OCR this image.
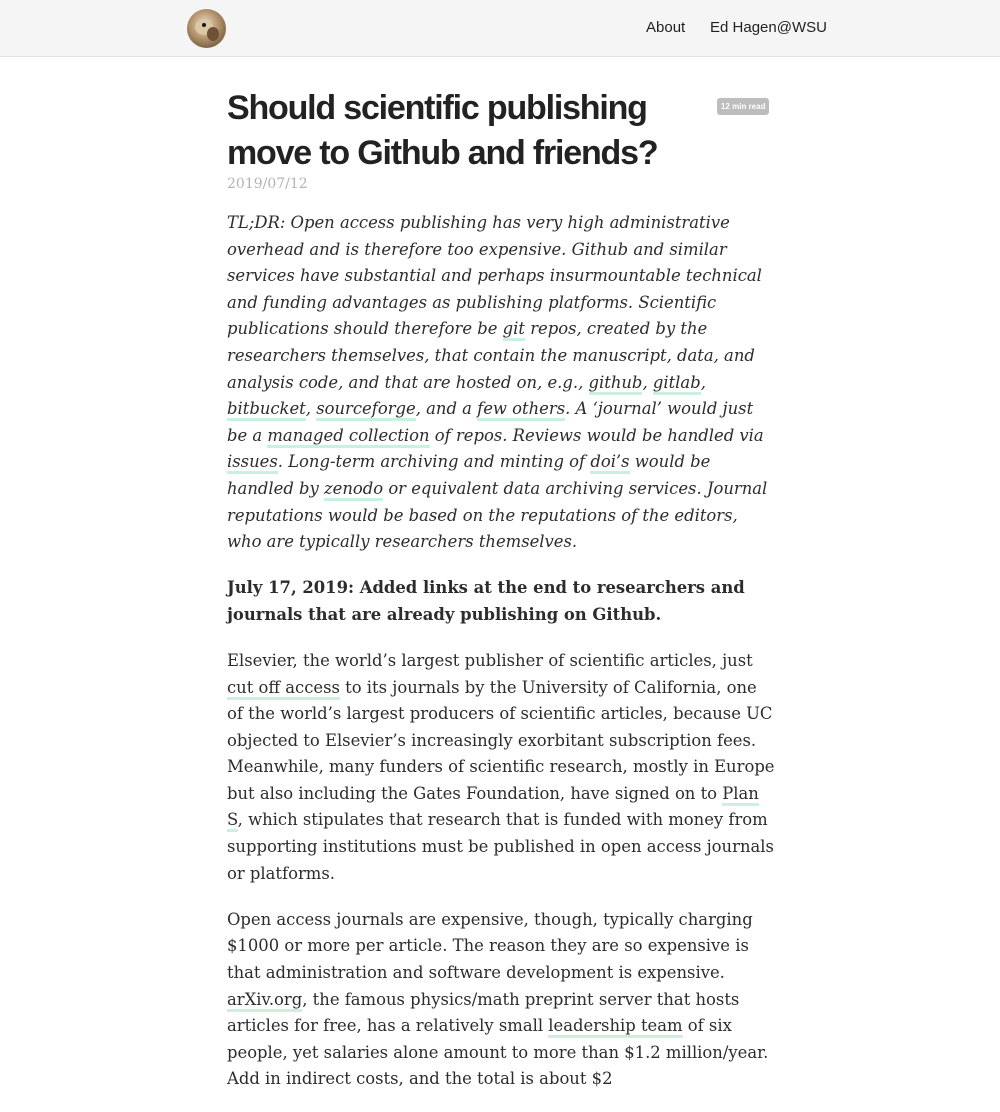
About Ed Hagen@WSU
Should scientific publishing move to Github and friends?
12 min read
2019/07/12

TL;DR: Open access publishing has very high administrative overhead and is therefore too expensive. Github and similar services have substantial and perhaps insurmountable technical and funding advantages as publishing platforms. Scientific publications should therefore be git repos, created by the researchers themselves, that contain the manuscript, data, and analysis code, and that are hosted on, e.g., github, gitlab, bitbucket, sourceforge, and a few others. A ‘journal’ would just be a managed collection of repos. Reviews would be handled via issues. Long-term archiving and minting of doi’s would be handled by zenodo or equivalent data archiving services. Journal reputations would be based on the reputations of the editors, who are typically researchers themselves.

July 17, 2019: Added links at the end to researchers and journals that are already publishing on Github.

Elsevier, the world’s largest publisher of scientific articles, just cut off access to its journals by the University of California, one of the world’s largest producers of scientific articles, because UC objected to Elsevier’s increasingly exorbitant subscription fees. Meanwhile, many funders of scientific research, mostly in Europe but also including the Gates Foundation, have signed on to Plan S, which stipulates that research that is funded with money from supporting institutions must be published in open access journals or platforms.

Open access journals are expensive, though, typically charging $1000 or more per article. The reason they are so expensive is that administration and software development is expensive. arXiv.org, the famous physics/math preprint server that hosts articles for free, has a relatively small leadership team of six people, yet salaries alone amount to more than $1.2 million/year. Add in indirect costs, and the total is about $2
